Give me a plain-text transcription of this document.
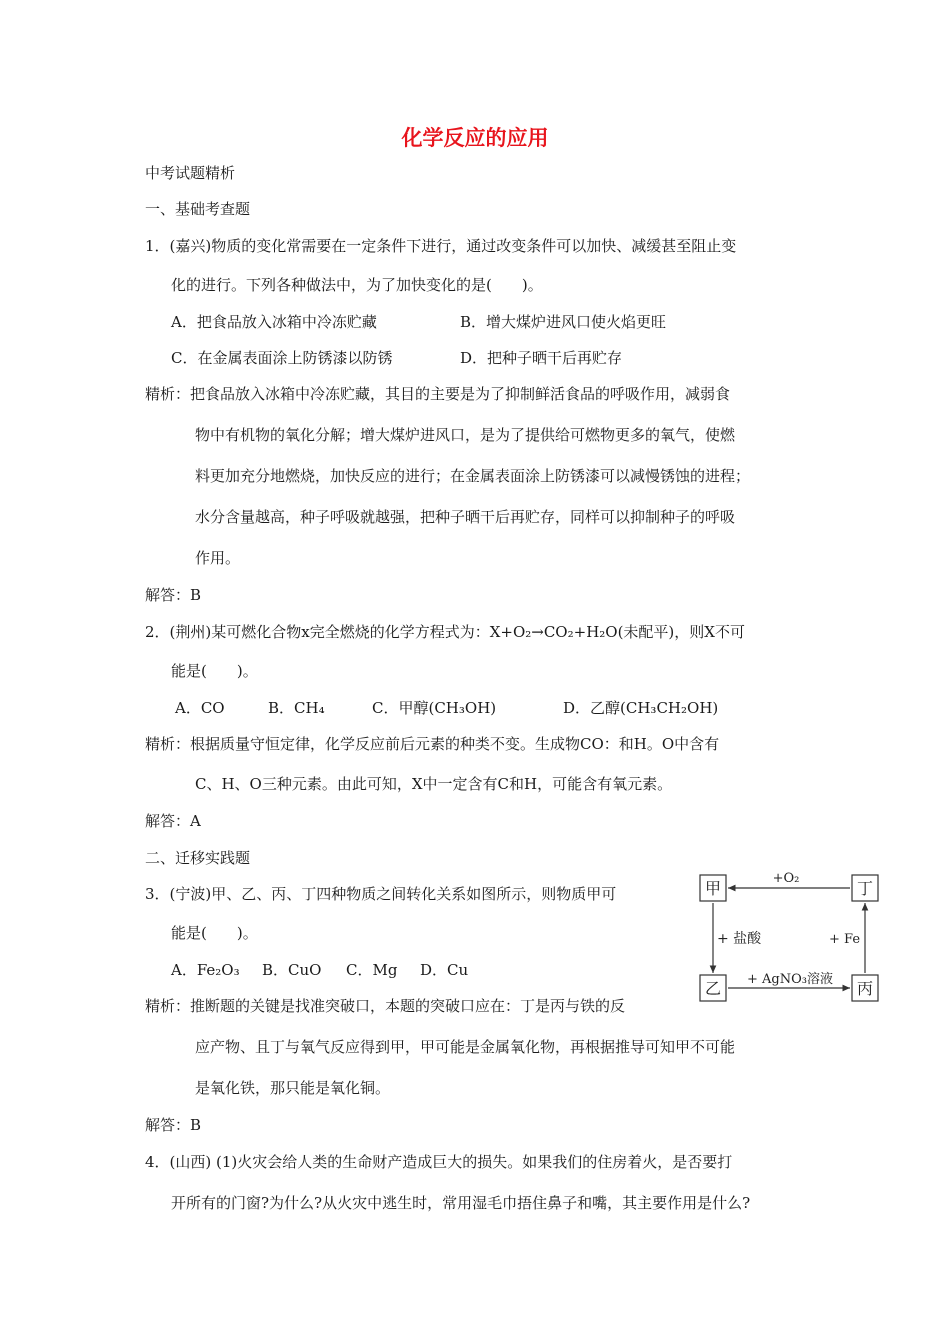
化学反应的应用
中考试题精析
一、基础考查题
1．(嘉兴)物质的变化常需要在一定条件下进行，通过改变条件可以加快、减缓甚至阻止变
化的进行。下列各种做法中，为了加快变化的是(　　)。
A．把食品放入冰箱中冷冻贮藏	B．增大煤炉进风口使火焰更旺
C．在金属表面涂上防锈漆以防锈	D．把种子晒干后再贮存
精析：把食品放入冰箱中冷冻贮藏，其目的主要是为了抑制鲜活食品的呼吸作用，减弱食
物中有机物的氧化分解；增大煤炉进风口，是为了提供给可燃物更多的氧气，使燃
料更加充分地燃烧，加快反应的进行；在金属表面涂上防锈漆可以减慢锈蚀的进程；
水分含量越高，种子呼吸就越强，把种子晒干后再贮存，同样可以抑制种子的呼吸
作用。
解答：B
2．(荆州)某可燃化合物x完全燃烧的化学方程式为：X+O₂→CO₂+H₂O(未配平)，则X不可
能是(　　)。
A．CO	B．CH₄	C．甲醇(CH₃OH)	D．乙醇(CH₃CH₂OH)
精析：根据质量守恒定律，化学反应前后元素的种类不变。生成物CO：和H。O中含有
C、H、O三种元素。由此可知，X中一定含有C和H，可能含有氧元素。
解答：A
二、迁移实践题
3．(宁波)甲、乙、丙、丁四种物质之间转化关系如图所示，则物质甲可
能是(　　)。
A．Fe₂O₃ B．CuO C．Mg D．Cu
精析：推断题的关键是找准突破口，本题的突破口应在：丁是丙与铁的反
应产物、且丁与氧气反应得到甲，甲可能是金属氧化物，再根据推导可知甲不可能
是氧化铁，那只能是氧化铜。
解答：B
甲	丁
乙	丙
+O₂
+ 盐酸	+ Fe
+ AgNO₃溶液
4．(山西) (1)火灾会给人类的生命财产造成巨大的损失。如果我们的住房着火，是否要打
开所有的门窗?为什么?从火灾中逃生时，常用湿毛巾捂住鼻子和嘴，其主要作用是什么?
